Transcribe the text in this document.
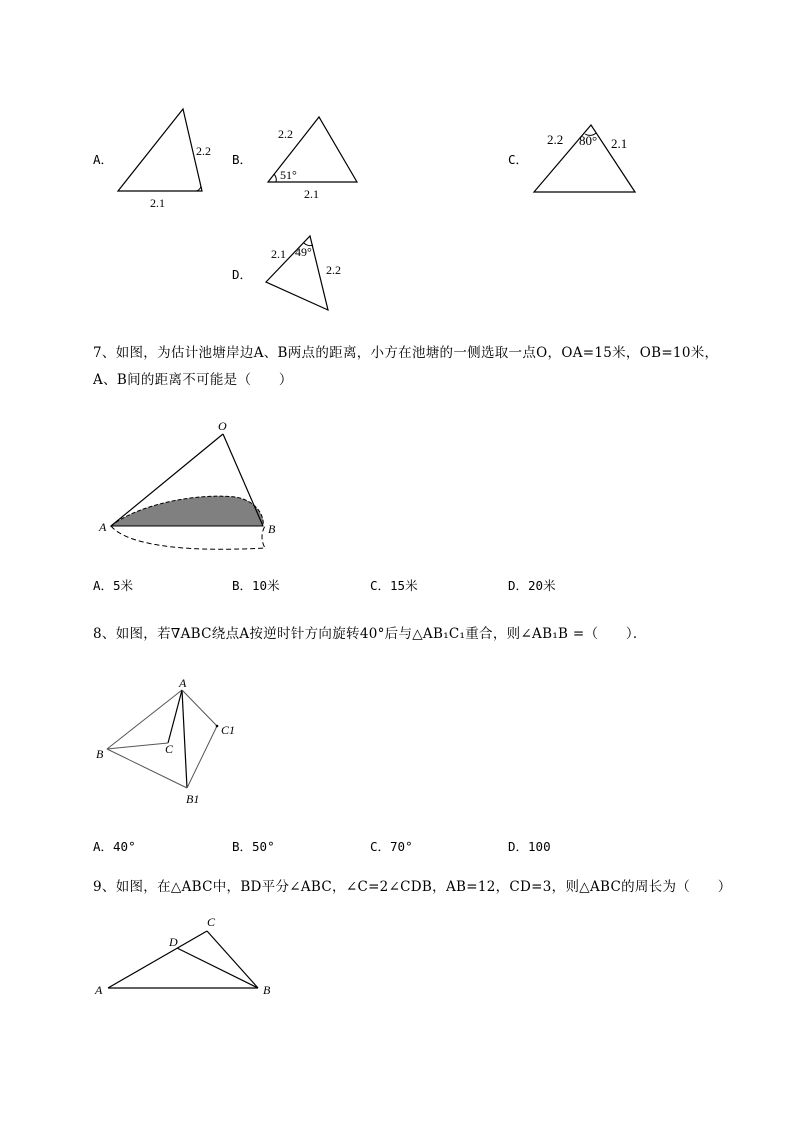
A．
2.2
2.1
B．
2.2
51°
2.1
C．
2.2 80° 2.1
D．
2.1 49°
2.2
7、如图，为估计池塘岸边A、B两点的距离，小方在池塘的一侧选取一点O，OA=15米，OB=10米，
A、B间的距离不可能是（　　）
O
A	B
A．5米	B．10米	C．15米	D．20米
8、如图，若∇ABC绕点A按逆时针方向旋转40°后与△AB₁C₁重合，则∠AB₁B =（　　）．
A
B	C
C1
B1
A．40°	B．50°	C．70°	D．100
9、如图，在△ABC中，BD平分∠ABC，∠C=2∠CDB，AB=12，CD=3，则△ABC的周长为（　　）
A	B
C
D
